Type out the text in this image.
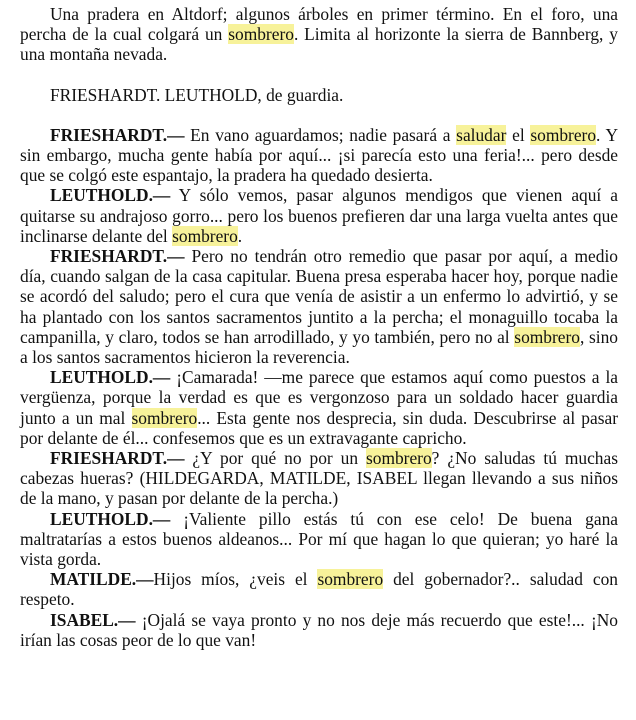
Una pradera en Altdorf; algunos árboles en primer término. En el foro, una percha de la cual colgará un sombrero. Limita al horizonte la sierra de Bannberg, y una montaña nevada.

FRIESHARDT. LEUTHOLD, de guardia.

FRIESHARDT.— En vano aguardamos; nadie pasará a saludar el sombrero. Y sin embargo, mucha gente había por aquí... ¡si parecía esto una feria!... pero desde que se colgó este espantajo, la pradera ha quedado desierta.

LEUTHOLD.— Y sólo vemos, pasar algunos mendigos que vienen aquí a quitarse su andrajoso gorro... pero los buenos prefieren dar una larga vuelta antes que inclinarse delante del sombrero.

FRIESHARDT.— Pero no tendrán otro remedio que pasar por aquí, a medio día, cuando salgan de la casa capitular. Buena presa esperaba hacer hoy, porque nadie se acordó del saludo; pero el cura que venía de asistir a un enfermo lo advirtió, y se ha plantado con los santos sacramentos juntito a la percha; el monaguillo tocaba la campanilla, y claro, todos se han arrodillado, y yo también, pero no al sombrero, sino a los santos sacramentos hicieron la reverencia.

LEUTHOLD.— ¡Camarada! —me parece que estamos aquí como puestos a la vergüenza, porque la verdad es que es vergonzoso para un soldado hacer guardia junto a un mal sombrero... Esta gente nos desprecia, sin duda. Descubrirse al pasar por delante de él... confesemos que es un extravagante capricho.

FRIESHARDT.— ¿Y por qué no por un sombrero? ¿No saludas tú muchas cabezas hueras? (HILDEGARDA, MATILDE, ISABEL llegan llevando a sus niños de la mano, y pasan por delante de la percha.)

LEUTHOLD.— ¡Valiente pillo estás tú con ese celo! De buena gana maltratarías a estos buenos aldeanos... Por mí que hagan lo que quieran; yo haré la vista gorda.

MATILDE.—Hijos míos, ¿veis el sombrero del gobernador?.. saludad con respeto.

ISABEL.— ¡Ojalá se vaya pronto y no nos deje más recuerdo que este!... ¡No irían las cosas peor de lo que van!
